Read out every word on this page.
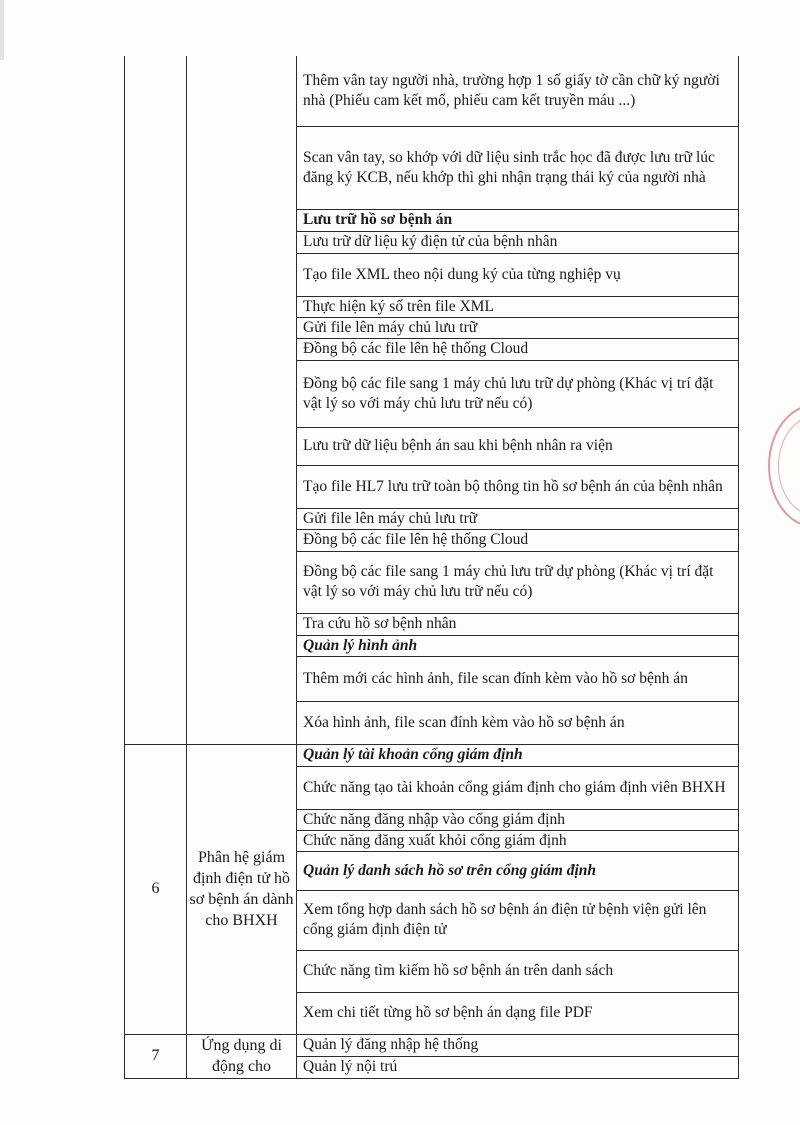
		Thêm vân tay người nhà, trường hợp 1 số giấy tờ cần chữ ký người nhà (Phiếu cam kết mổ, phiếu cam kết truyền máu ...)
		Scan vân tay, so khớp với dữ liệu sinh trắc học đã được lưu trữ lúc đăng ký KCB, nếu khớp thì ghi nhận trạng thái ký của người nhà
		Lưu trữ hồ sơ bệnh án
		Lưu trữ dữ liệu ký điện tử của bệnh nhân
		Tạo file XML theo nội dung ký của từng nghiệp vụ
		Thực hiện ký số trên file XML
		Gửi file lên máy chủ lưu trữ
		Đồng bộ các file lên hệ thống Cloud
		Đồng bộ các file sang 1 máy chủ lưu trữ dự phòng (Khác vị trí đặt vật lý so với máy chủ lưu trữ nếu có)
		Lưu trữ dữ liệu bệnh án sau khi bệnh nhân ra viện
		Tạo file HL7 lưu trữ toàn bộ thông tin hồ sơ bệnh án của bệnh nhân
		Gửi file lên máy chủ lưu trữ
		Đồng bộ các file lên hệ thống Cloud
		Đồng bộ các file sang 1 máy chủ lưu trữ dự phòng (Khác vị trí đặt vật lý so với máy chủ lưu trữ nếu có)
		Tra cứu hồ sơ bệnh nhân
		Quản lý hình ảnh
		Thêm mới các hình ảnh, file scan đính kèm vào hồ sơ bệnh án
		Xóa hình ảnh, file scan đính kèm vào hồ sơ bệnh án
6	Phân hệ giám định điện tử hồ sơ bệnh án dành cho BHXH	Quản lý tài khoản cổng giám định
		Chức năng tạo tài khoản cổng giám định cho giám định viên BHXH
		Chức năng đăng nhập vào cổng giám định
		Chức năng đăng xuất khỏi cổng giám định
		Quản lý danh sách hồ sơ trên cổng giám định
		Xem tổng hợp danh sách hồ sơ bệnh án điện tử bệnh viện gửi lên cổng giám định điện tử
		Chức năng tìm kiếm hồ sơ bệnh án trên danh sách
		Xem chi tiết từng hồ sơ bệnh án dạng file PDF
7	Ứng dụng di động cho	Quản lý đăng nhập hệ thống
		Quản lý nội trú
